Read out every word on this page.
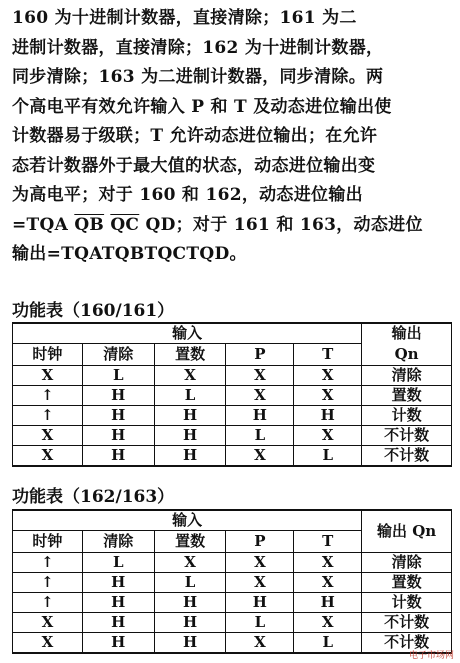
160 为十进制计数器，直接清除；161 为二
进制计数器，直接清除；162 为十进制计数器，
同步清除；163 为二进制计数器，同步清除。两
个高电平有效允许输入 P 和 T 及动态进位输出使
计数器易于级联；T 允许动态进位输出；在允许
态若计数器外于最大值的状态，动态进位输出变
为高电平；对于 160 和 162，动态进位输出
=TQA $\overline{QB}$ $\overline{QC}$ QD；对于 161 和 163，动态进位
输出=TQATQBTQCTQD。
功能表（160/161）
输入					输出
时钟	清除	置数	P	T	Qn
X	L	X	X	X	清除
↑	H	L	X	X	置数
↑	H	H	H	H	计数
X	H	H	L	X	不计数
X	H	H	X	L	不计数
功能表（162/163）
输入					输出 Qn
时钟	清除	置数	P	T	
↑	L	X	X	X	清除
↑	H	L	X	X	置数
↑	H	H	H	H	计数
X	H	H	L	X	不计数
X	H	H	X	L	不计数
电子市场网
